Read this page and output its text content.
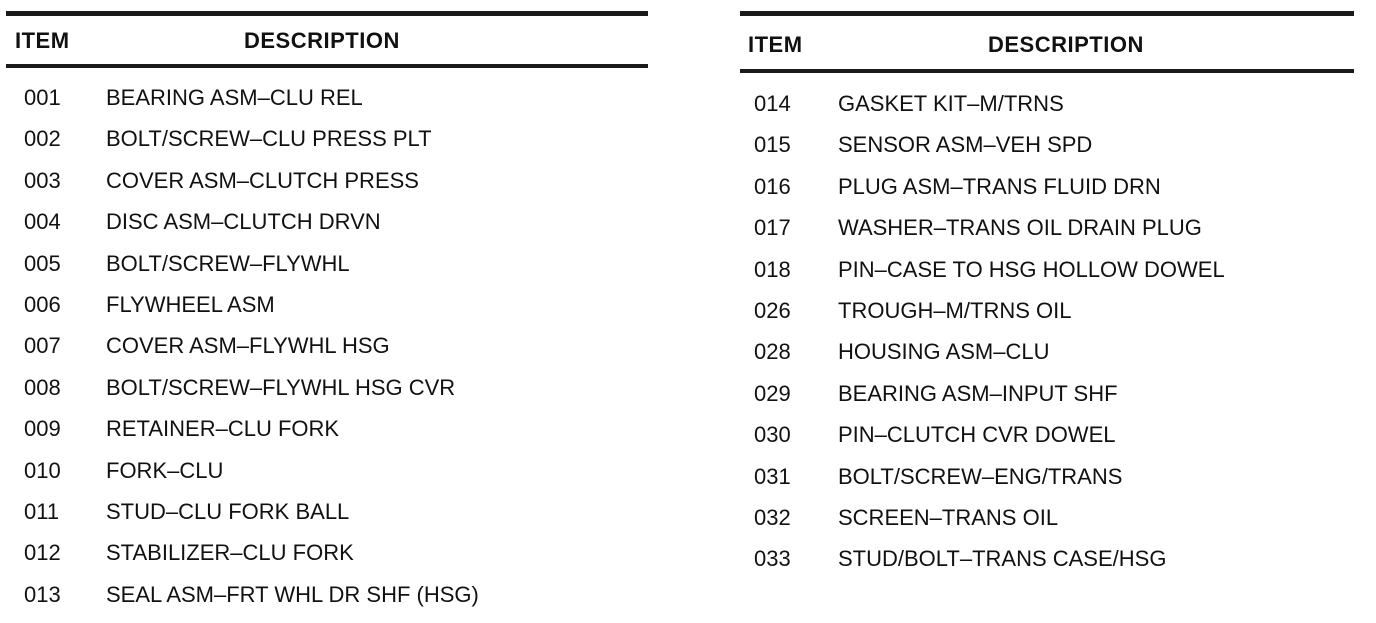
ITEM	DESCRIPTION
001 BEARING ASM–CLU REL
002 BOLT/SCREW–CLU PRESS PLT
003 COVER ASM–CLUTCH PRESS
004 DISC ASM–CLUTCH DRVN
005 BOLT/SCREW–FLYWHL
006 FLYWHEEL ASM
007 COVER ASM–FLYWHL HSG
008 BOLT/SCREW–FLYWHL HSG CVR
009 RETAINER–CLU FORK
010 FORK–CLU
011 STUD–CLU FORK BALL
012 STABILIZER–CLU FORK
013 SEAL ASM–FRT WHL DR SHF (HSG)
ITEM	DESCRIPTION
014 GASKET KIT–M/TRNS
015 SENSOR ASM–VEH SPD
016 PLUG ASM–TRANS FLUID DRN
017 WASHER–TRANS OIL DRAIN PLUG
018 PIN–CASE TO HSG HOLLOW DOWEL
026 TROUGH–M/TRNS OIL
028 HOUSING ASM–CLU
029 BEARING ASM–INPUT SHF
030 PIN–CLUTCH CVR DOWEL
031 BOLT/SCREW–ENG/TRANS
032 SCREEN–TRANS OIL
033 STUD/BOLT–TRANS CASE/HSG
